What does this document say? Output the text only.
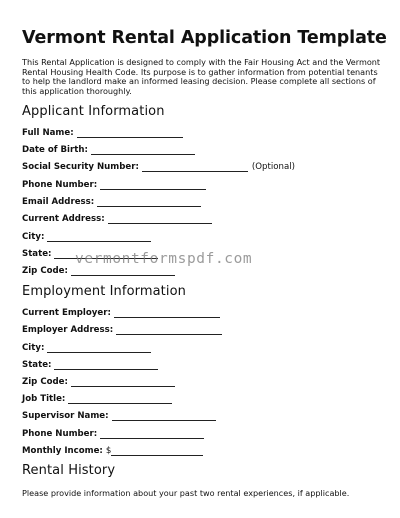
Vermont Rental Application Template
This Rental Application is designed to comply with the Fair Housing Act and the Vermont Rental Housing Health Code. Its purpose is to gather information from potential tenants to help the landlord make an informed leasing decision. Please complete all sections of this application thoroughly.
Applicant Information
Full Name:
Date of Birth:
Social Security Number:	(Optional)
Phone Number:
Email Address:
Current Address:
City:
State:
Zip Code:
Employment Information
Current Employer:
Employer Address:
City:
State:
Zip Code:
Job Title:
Supervisor Name:
Phone Number:
Monthly Income: $
Rental History
Please provide information about your past two rental experiences, if applicable.
vermontformspdf.com
